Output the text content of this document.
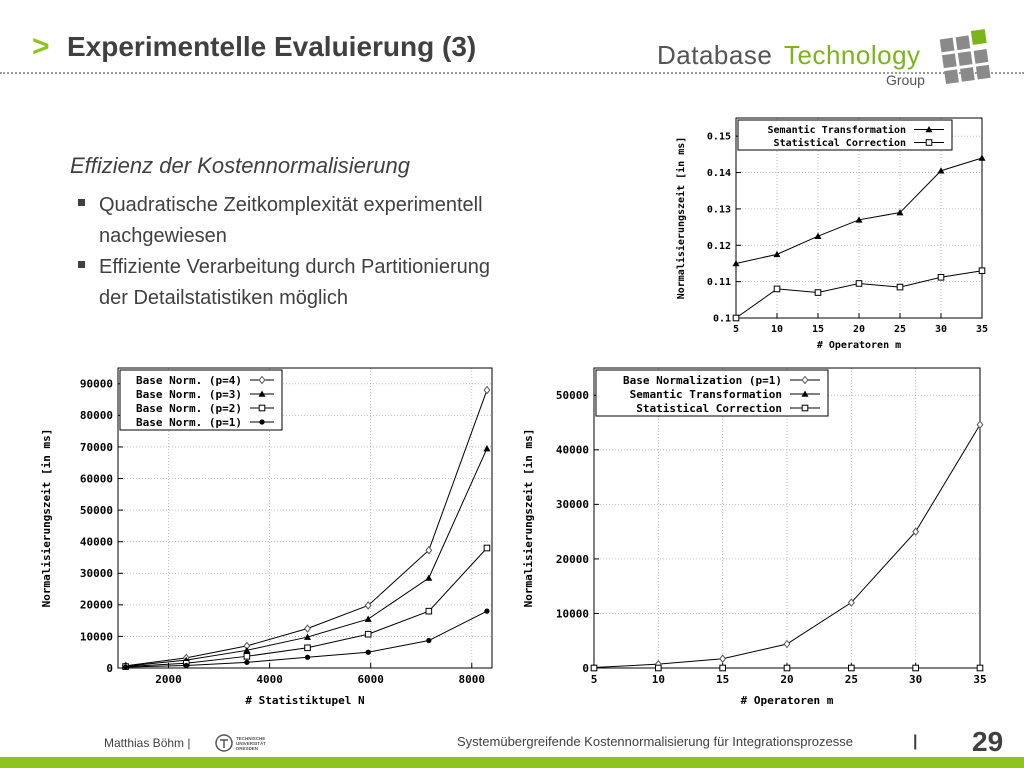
> Experimentelle Evaluierung (3)	Database Technology
Group
Effizienz der Kostennormalisierung
Quadratische Zeitkomplexität experimentell nachgewiesen
Effiziente Verarbeitung durch Partitionierung der Detailstatistiken möglich
5	10	15	20	25	30	35
0.1
0.11
0.12
0.13
0.14
0.15
# Operatoren m
Normalisierungszeit [in ms]
Semantic Transformation
Statistical Correction
2000	4000	6000	8000
0
10000
20000
30000
40000
50000
60000
70000
80000
90000
# Statistiktupel N
Normalisierungszeit [in ms]
Base Norm. (p=4)
Base Norm. (p=3)
Base Norm. (p=2)
Base Norm. (p=1)
5	10	15	20	25	30	35
0
10000
20000
30000
40000
50000
# Operatoren m
Normalisierungszeit [in ms]
Base Normalization (p=1)
Semantic Transformation
Statistical Correction
Matthias Böhm |	TECHNISCHE
UNIVERSITÄT
DRESDEN	Systemübergreifende Kostennormalisierung für Integrationsprozesse	| 29
